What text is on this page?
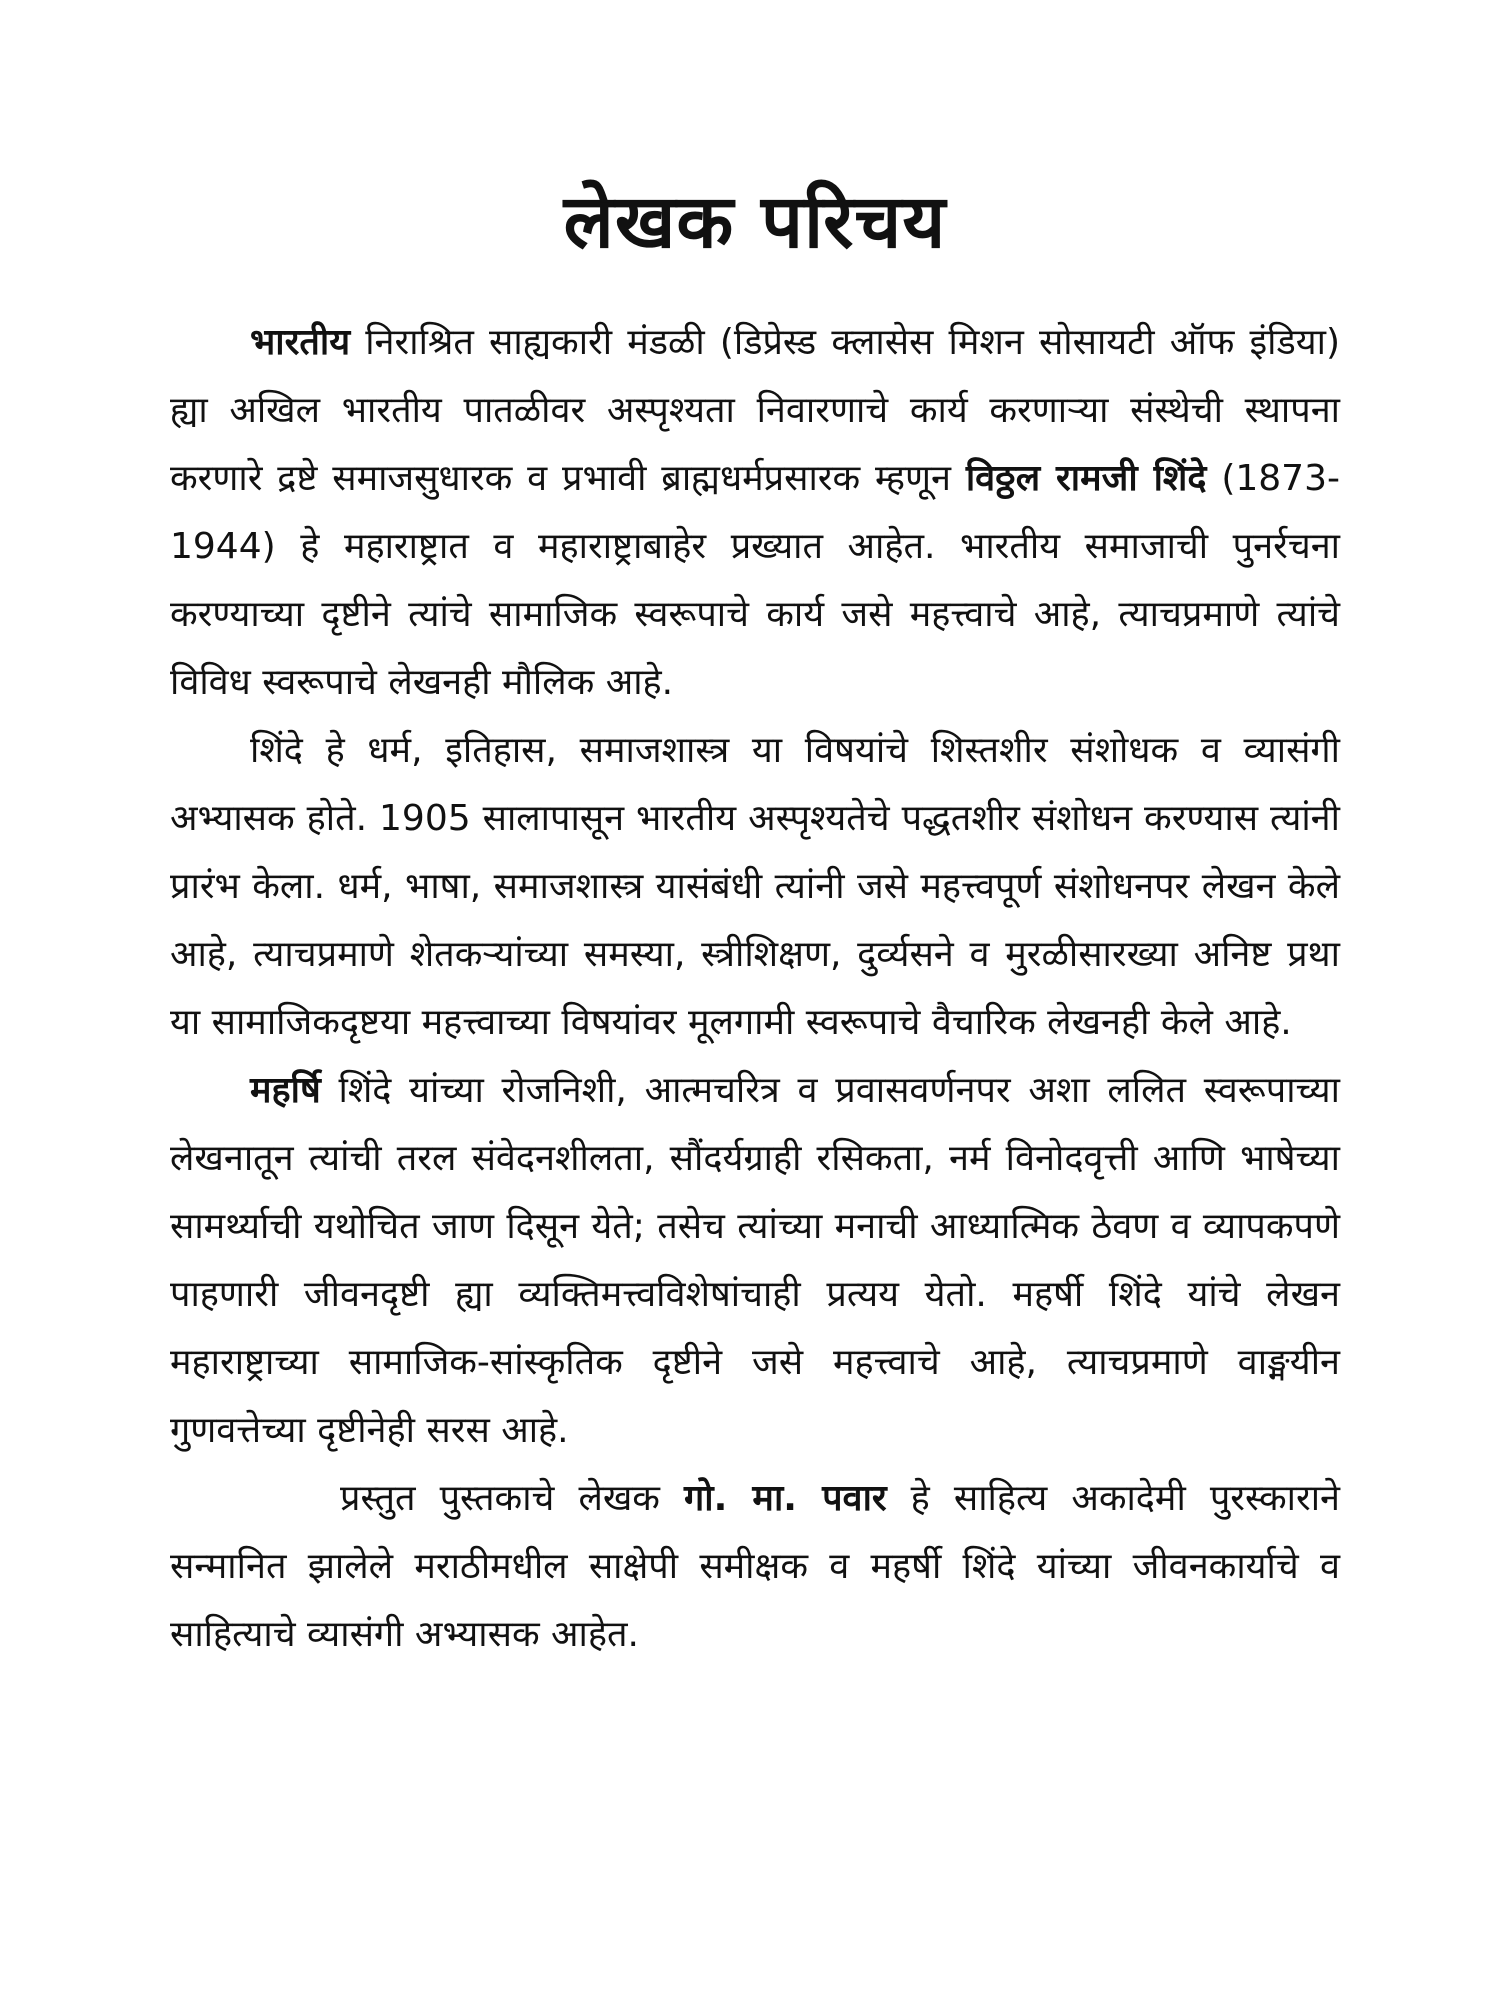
लेखक परिचय

भारतीय निराश्रित साह्यकारी मंडळी (डिप्रेस्ड क्लासेस मिशन सोसायटी ऑफ इंडिया) ह्या अखिल भारतीय पातळीवर अस्पृश्यता निवारणाचे कार्य करणाऱ्या संस्थेची स्थापना करणारे द्रष्टे समाजसुधारक व प्रभावी ब्राह्मधर्मप्रसारक म्हणून विठ्ठल रामजी शिंदे (1873-1944) हे महाराष्ट्रात व महाराष्ट्राबाहेर प्रख्यात आहेत. भारतीय समाजाची पुनर्रचना करण्याच्या दृष्टीने त्यांचे सामाजिक स्वरूपाचे कार्य जसे महत्त्वाचे आहे, त्याचप्रमाणे त्यांचे विविध स्वरूपाचे लेखनही मौलिक आहे.

शिंदे हे धर्म, इतिहास, समाजशास्त्र या विषयांचे शिस्तशीर संशोधक व व्यासंगी अभ्यासक होते. 1905 सालापासून भारतीय अस्पृश्यतेचे पद्धतशीर संशोधन करण्यास त्यांनी प्रारंभ केला. धर्म, भाषा, समाजशास्त्र यासंबंधी त्यांनी जसे महत्त्वपूर्ण संशोधनपर लेखन केले आहे, त्याचप्रमाणे शेतकऱ्यांच्या समस्या, स्त्रीशिक्षण, दुर्व्यसने व मुरळीसारख्या अनिष्ट प्रथा या सामाजिकदृष्टया महत्त्वाच्या विषयांवर मूलगामी स्वरूपाचे वैचारिक लेखनही केले आहे.

महर्षि शिंदे यांच्या रोजनिशी, आत्मचरित्र व प्रवासवर्णनपर अशा ललित स्वरूपाच्या लेखनातून त्यांची तरल संवेदनशीलता, सौंदर्यग्राही रसिकता, नर्म विनोदवृत्ती आणि भाषेच्या सामर्थ्याची यथोचित जाण दिसून येते; तसेच त्यांच्या मनाची आध्यात्मिक ठेवण व व्यापकपणे पाहणारी जीवनदृष्टी ह्या व्यक्तिमत्त्वविशेषांचाही प्रत्यय येतो. महर्षी शिंदे यांचे लेखन महाराष्ट्राच्या सामाजिक-सांस्कृतिक दृष्टीने जसे महत्त्वाचे आहे, त्याचप्रमाणे वाङ्मयीन गुणवत्तेच्या दृष्टीनेही सरस आहे.

प्रस्तुत पुस्तकाचे लेखक गो. मा. पवार हे साहित्य अकादेमी पुरस्काराने सन्मानित झालेले मराठीमधील साक्षेपी समीक्षक व महर्षी शिंदे यांच्या जीवनकार्याचे व साहित्याचे व्यासंगी अभ्यासक आहेत.
